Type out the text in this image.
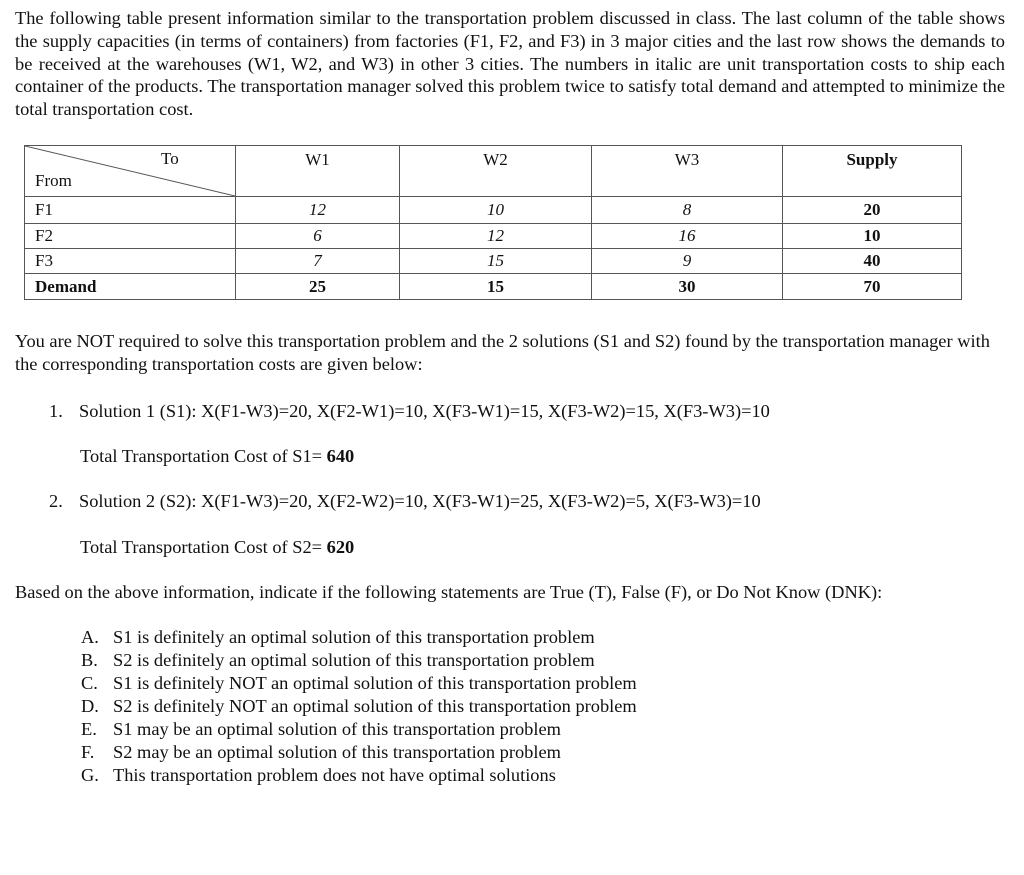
The following table present information similar to the transportation problem discussed in class. The last column of the table shows the supply capacities (in terms of containers) from factories (F1, F2, and F3) in 3 major cities and the last row shows the demands to be received at the warehouses (W1, W2, and W3) in other 3 cities. The numbers in italic are unit transportation costs to ship each container of the products. The transportation manager solved this problem twice to satisfy total demand and attempted to minimize the total transportation cost.

To
From	W1	W2	W3	Supply
F1	12	10	8	20
F2	6	12	16	10
F3	7	15	9	40
Demand	25	15	30	70

You are NOT required to solve this transportation problem and the 2 solutions (S1 and S2) found by the transportation manager with the corresponding transportation costs are given below:

1. Solution 1 (S1): X(F1-W3)=20, X(F2-W1)=10, X(F3-W1)=15, X(F3-W2)=15, X(F3-W3)=10

Total Transportation Cost of S1= 640

2. Solution 2 (S2): X(F1-W3)=20, X(F2-W2)=10, X(F3-W1)=25, X(F3-W2)=5, X(F3-W3)=10

Total Transportation Cost of S2= 620

Based on the above information, indicate if the following statements are True (T), False (F), or Do Not Know (DNK):

A. S1 is definitely an optimal solution of this transportation problem
B. S2 is definitely an optimal solution of this transportation problem
C. S1 is definitely NOT an optimal solution of this transportation problem
D. S2 is definitely NOT an optimal solution of this transportation problem
E. S1 may be an optimal solution of this transportation problem
F. S2 may be an optimal solution of this transportation problem
G. This transportation problem does not have optimal solutions
